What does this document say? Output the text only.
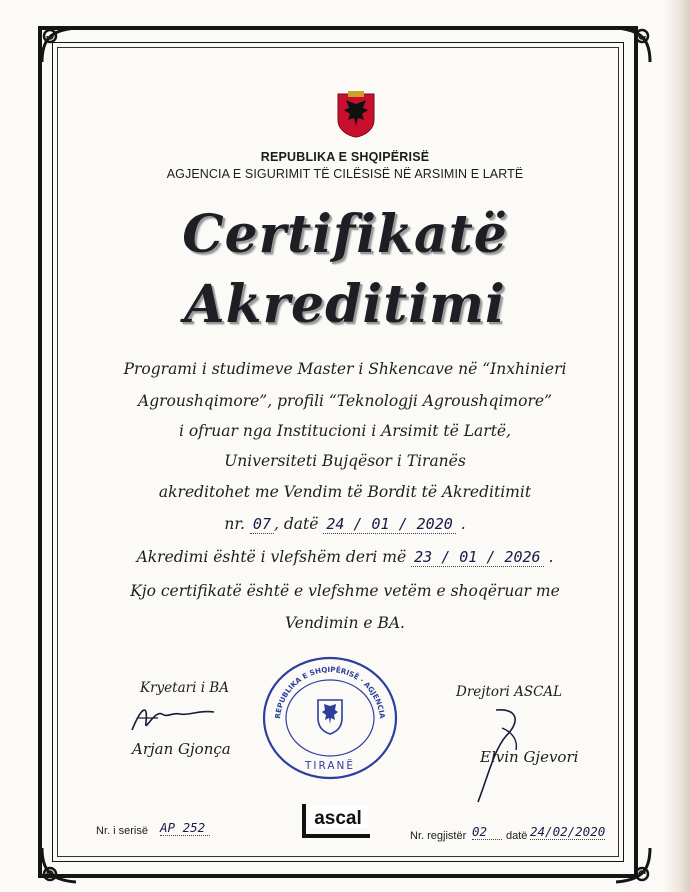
REPUBLIKA E SHQIPËRISË
AGJENCIA E SIGURIMIT TË CILËSISË NË ARSIMIN E LARTË
Certifikatë
Akreditimi
Programi i studimeve Master i Shkencave në “Inxhinieri
Agroushqimore”, profili “Teknologji Agroushqimore”
i ofruar nga Institucioni i Arsimit të Lartë,
Universiteti Bujqësor i Tiranës
akreditohet me Vendim të Bordit të Akreditimit
nr. 07 , datë 24 / 01 / 2020 .
Akredimi është i vlefshëm deri më 23 / 01 / 2026 .
Kjo certifikatë është e vlefshme vetëm e shoqëruar me
Vendimin e BA.
Kryetari i BA
Arjan Gjonça
REPUBLIKA E SHQIPËRISË · AGJENCIA
TIRANË
Drejtori ASCAL
Elvin Gjevori
Nr. i serisë AP 252	ascal
Nr. regjistër 02	datë 24/02/2020
